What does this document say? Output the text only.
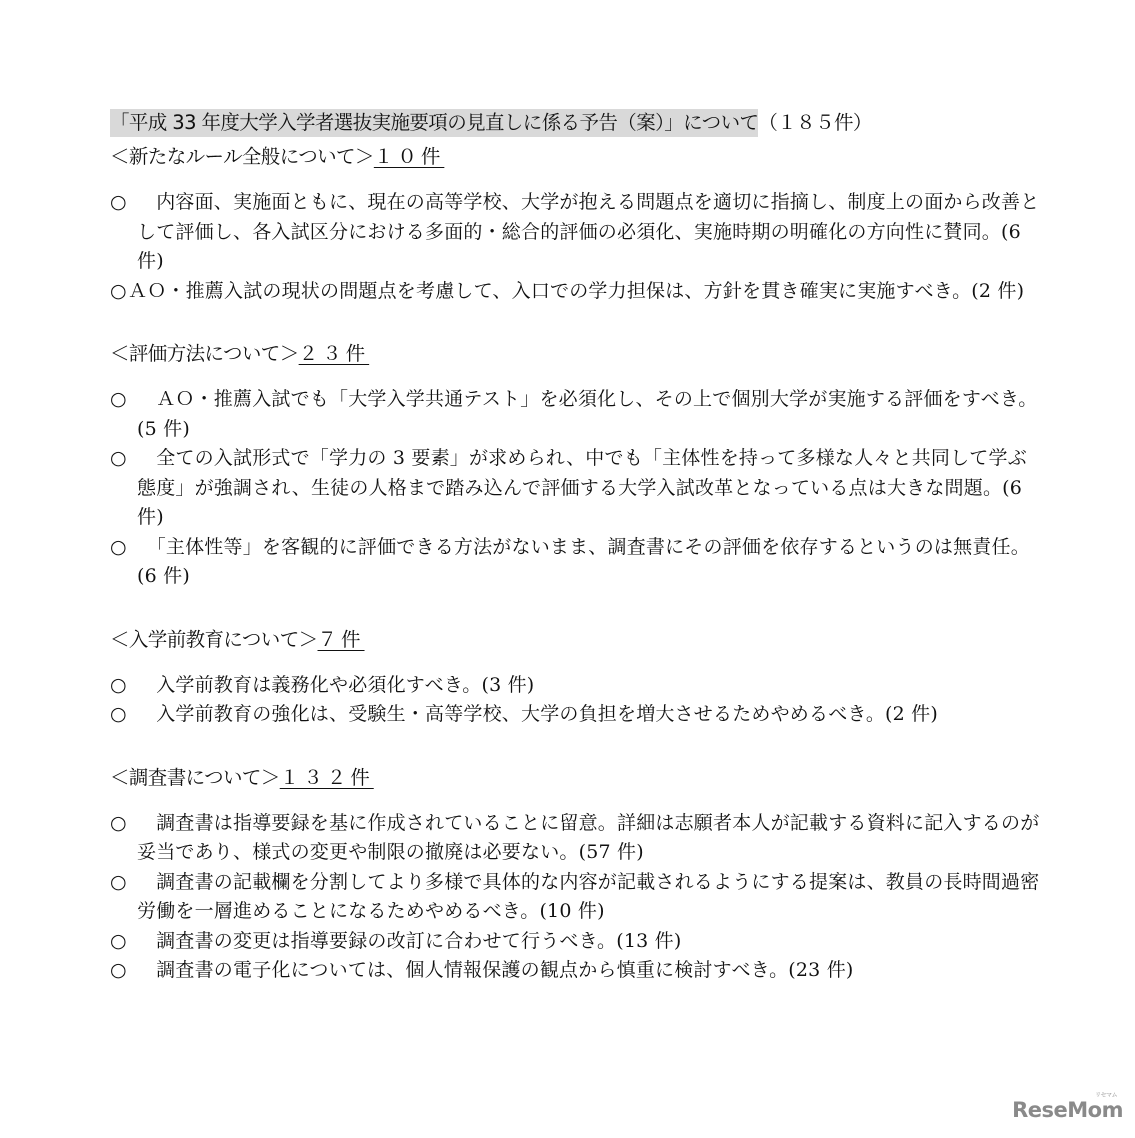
「平成 33 年度大学入学者選抜実施要項の見直しに係る予告（案）」について（１８５件）
＜新たなルール全般について＞１０件
○　内容面、実施面ともに、現在の高等学校、大学が抱える問題点を適切に指摘し、制度上の面から改善として評価し、各入試区分における多面的・総合的評価の必須化、実施時期の明確化の方向性に賛同。(6 件)
○ＡＯ・推薦入試の現状の問題点を考慮して、入口での学力担保は、方針を貫き確実に実施すべき。(2 件)
＜評価方法について＞２３件
○　ＡＯ・推薦入試でも「大学入学共通テスト」を必須化し、その上で個別大学が実施する評価をすべき。(5 件)
○　全ての入試形式で「学力の 3 要素」が求められ、中でも「主体性を持って多様な人々と共同して学ぶ態度」が強調され、生徒の人格まで踏み込んで評価する大学入試改革となっている点は大きな問題。(6 件)
○　「主体性等」を客観的に評価できる方法がないまま、調査書にその評価を依存するというのは無責任。(6 件)
＜入学前教育について＞７件
○　入学前教育は義務化や必須化すべき。(3 件)
○　入学前教育の強化は、受験生・高等学校、大学の負担を増大させるためやめるべき。(2 件)
＜調査書について＞１３２件
○　調査書は指導要録を基に作成されていることに留意。詳細は志願者本人が記載する資料に記入するのが妥当であり、様式の変更や制限の撤廃は必要ない。(57 件)
○　調査書の記載欄を分割してより多様で具体的な内容が記載されるようにする提案は、教員の長時間過密労働を一層進めることになるためやめるべき。(10 件)
○　調査書の変更は指導要録の改訂に合わせて行うべき。(13 件)
○　調査書の電子化については、個人情報保護の観点から慎重に検討すべき。(23 件)
ReseMom
リセマム
